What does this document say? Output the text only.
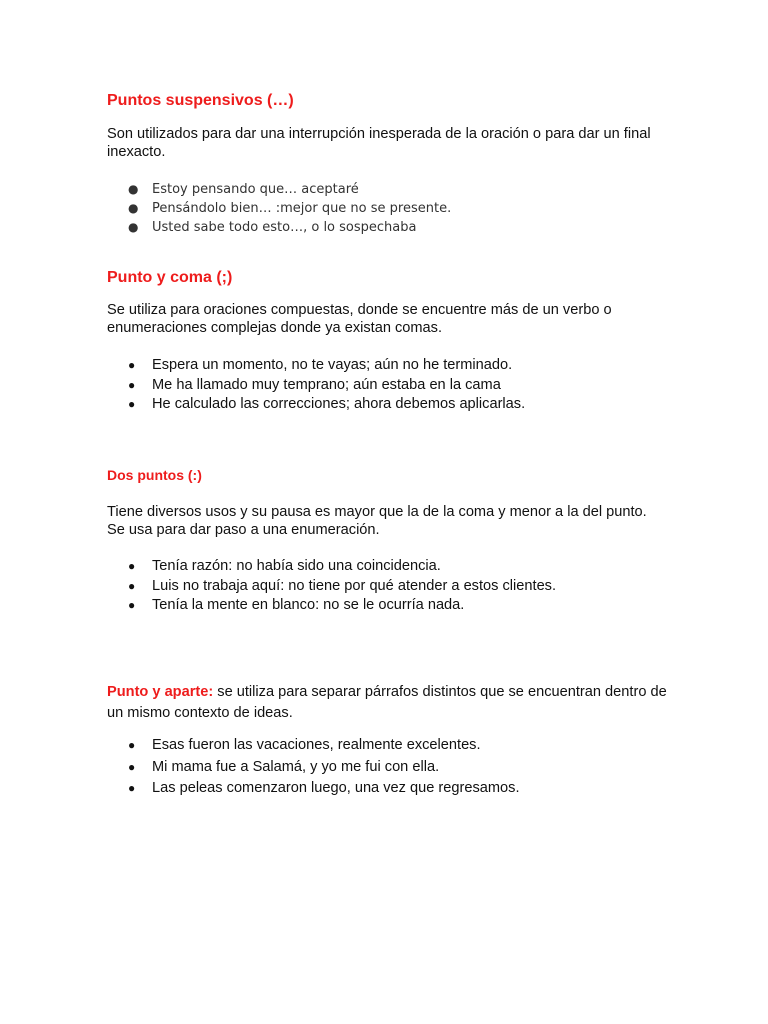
Puntos suspensivos (…)

Son utilizados para dar una interrupción inesperada de la oración o para dar un final inexacto.

● Estoy pensando que… aceptaré
● Pensándolo bien… :mejor que no se presente.
● Usted sabe todo esto…, o lo sospechaba
Punto y coma (;)

Se utiliza para oraciones compuestas, donde se encuentre más de un verbo o enumeraciones complejas donde ya existan comas.

● Espera un momento, no te vayas; aún no he terminado.
● Me ha llamado muy temprano; aún estaba en la cama
● He calculado las correcciones; ahora debemos aplicarlas.
Dos puntos (:)

Tiene diversos usos y su pausa es mayor que la de la coma y menor a la del punto. Se usa para dar paso a una enumeración.

● Tenía razón: no había sido una coincidencia.
● Luis no trabaja aquí: no tiene por qué atender a estos clientes.
● Tenía la mente en blanco: no se le ocurría nada.

Punto y aparte: se utiliza para separar párrafos distintos que se encuentran dentro de un mismo contexto de ideas.

● Esas fueron las vacaciones, realmente excelentes.
● Mi mama fue a Salamá, y yo me fui con ella.
● Las peleas comenzaron luego, una vez que regresamos.
